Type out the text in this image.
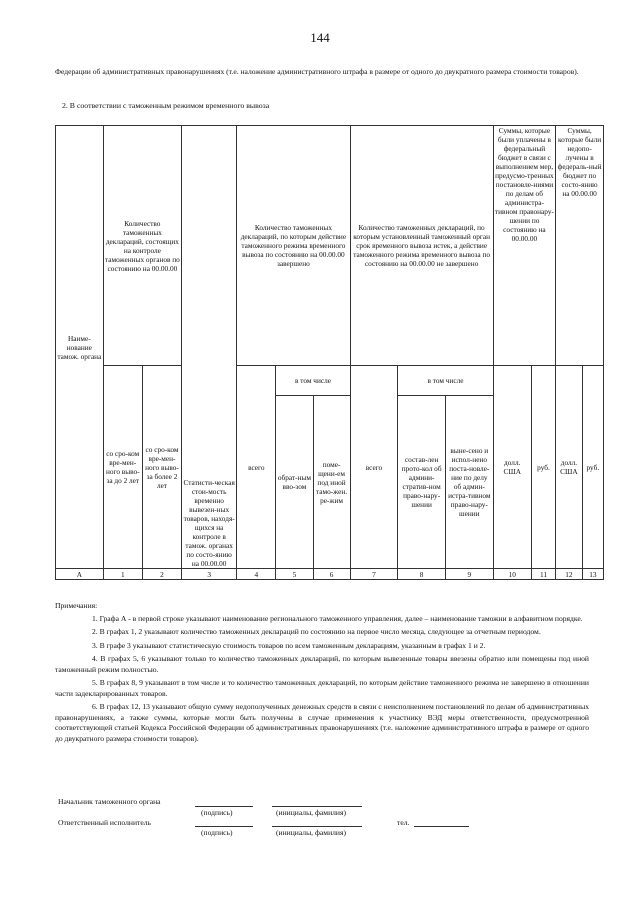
144
Федерации об административных правонарушениях (т.е. наложение административного штрафа в размере от одного до двукратного размера стоимости товаров).
2. В соответствии с таможенным режимом временного вывоза
Наиме-нование тамож. органа	Количество таможенных деклараций, состоящих на контроле таможенных органов по состоянию на 00.00.00		Статисти-ческая стои-мость временно вывезен-ных товаров, находя-щихся на контроле в тамож. органах по состо-янию на 00.00.00	Количество таможенных деклараций, по которым действие таможенного режима временного вывоза по состоянию на 00.00.00 завершено			Количество таможенных деклараций, по которым установленный таможенный орган срок временного вывоза истек, а действие таможенного режима временного вывоза по состоянию на 00.00.00 не завершено			Суммы, которые были уплачены в федеральный бюджет в связи с выполнением мер, предусмо-тренных постановле-ниями по делам об администра-тивном правонару-шении по состоянию на 00.00.00		Суммы, которые были недопо-лучены в федераль-ный бюджет по состо-янию на 00.00.00	
	со сро-ком вре-мен-ного выво-за до 2 лет	со сро-ком вре-мен-ного выво-за более 2 лет		всего	в том числе		всего	в том числе		долл. США	руб.	долл. США	руб.
					обрат-ным вво-зом	поме-щени-ем под иной тамо-жен. ре-жим		состав-лен прото-кол об админи-стратив-ном право-нару-шении	выне-сено и испол-нено поста-новле-ние по делу об админ-истра-тивном право-нару-шении				
А	1	2	3	4	5	6	7	8	9	10	11	12	13
Примечания:
1. Графа А - в первой строке указывают наименование регионального таможенного управления, далее – наименование таможни в алфавитном порядке.
2. В графах 1, 2 указывают количество таможенных деклараций по состоянию на первое число месяца, следующее за отчетным периодом.
3. В графе 3 указывают статистическую стоимость товаров по всем таможенным декларациям, указанным в графах 1 и 2.
4. В графах 5, 6 указывают только то количество таможенных деклараций, по которым вывезенные товары ввезены обратно или помещены под иной таможенный режим полностью.
5. В графах 8, 9 указывают в том числе и то количество таможенных деклараций, по которым действие таможенного режима не завершено в отношении части задекларированных товаров.
6. В графах 12, 13 указывают общую сумму недополученных денежных средств в связи с неисполнением постановлений по делам об административных правонарушениях, а также суммы, которые могли быть получены в случае применения к участнику ВЭД меры ответственности, предусмотренной соответствующей статьей Кодекса Российской Федерации об административных правонарушениях (т.е. наложение административного штрафа в размере от одного до двукратного размера стоимости товаров).
Начальник таможенного органа
(подпись)	(инициалы, фамилия)
Ответственный исполнитель	тел.
(подпись)	(инициалы, фамилия)
